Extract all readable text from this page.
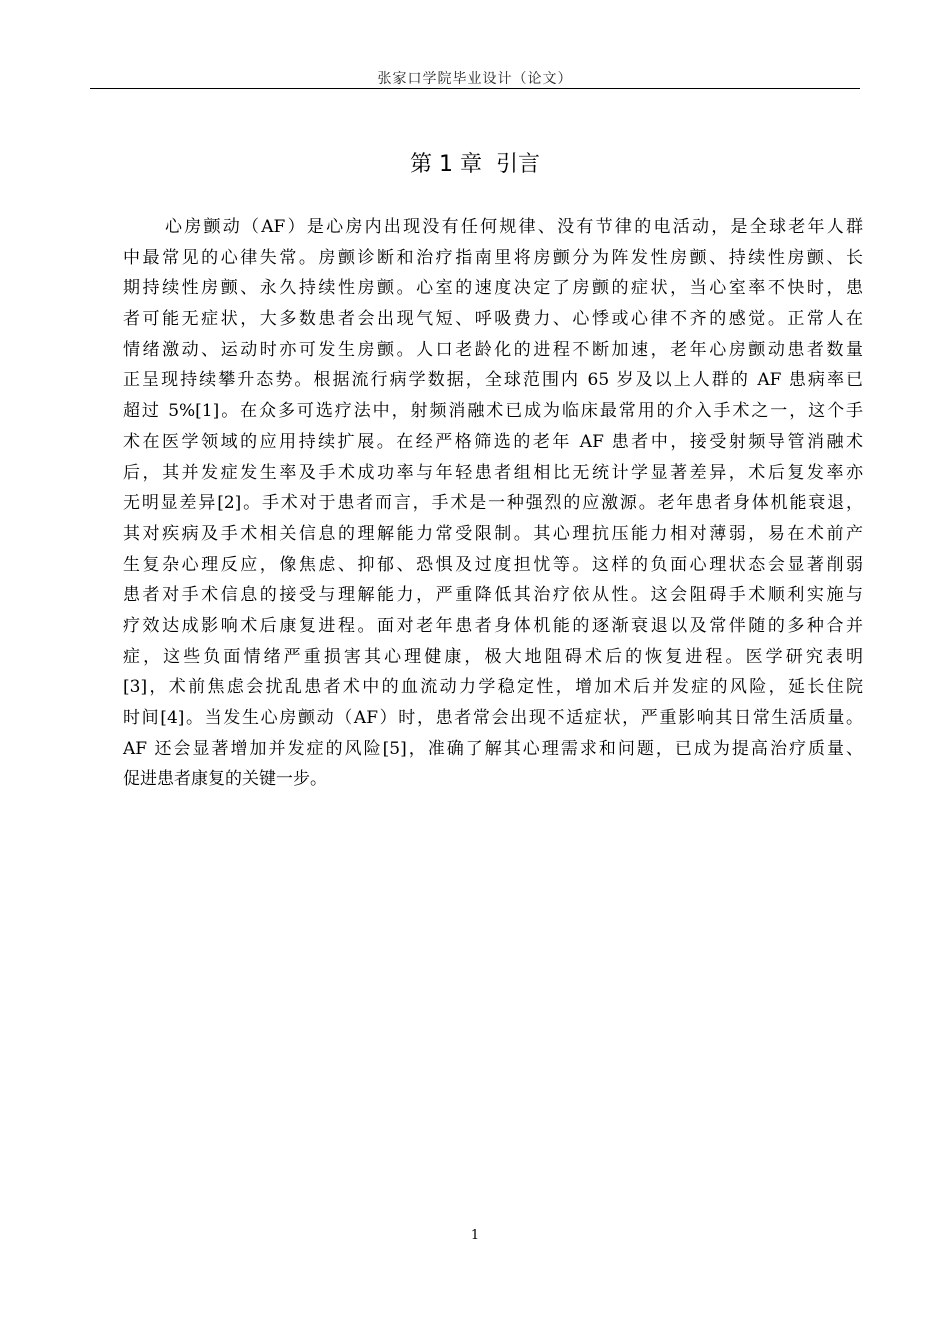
张家口学院毕业设计（论文）
第 1 章 引言
心房颤动（AF）是心房内出现没有任何规律、没有节律的电活动，是全球老年人群
中最常见的心律失常。房颤诊断和治疗指南里将房颤分为阵发性房颤、持续性房颤、长
期持续性房颤、永久持续性房颤。心室的速度决定了房颤的症状，当心室率不快时，患
者可能无症状，大多数患者会出现气短、呼吸费力、心悸或心律不齐的感觉。正常人在
情绪激动、运动时亦可发生房颤。人口老龄化的进程不断加速，老年心房颤动患者数量
正呈现持续攀升态势。根据流行病学数据，全球范围内 65 岁及以上人群的 AF 患病率已
超过 5%[1]。在众多可选疗法中，射频消融术已成为临床最常用的介入手术之一，这个手
术在医学领域的应用持续扩展。在经严格筛选的老年 AF 患者中，接受射频导管消融术
后，其并发症发生率及手术成功率与年轻患者组相比无统计学显著差异，术后复发率亦
无明显差异[2]。手术对于患者而言，手术是一种强烈的应激源。老年患者身体机能衰退，
其对疾病及手术相关信息的理解能力常受限制。其心理抗压能力相对薄弱，易在术前产
生复杂心理反应，像焦虑、抑郁、恐惧及过度担忧等。这样的负面心理状态会显著削弱
患者对手术信息的接受与理解能力，严重降低其治疗依从性。这会阻碍手术顺利实施与
疗效达成影响术后康复进程。面对老年患者身体机能的逐渐衰退以及常伴随的多种合并
症，这些负面情绪严重损害其心理健康，极大地阻碍术后的恢复进程。医学研究表明
[3]，术前焦虑会扰乱患者术中的血流动力学稳定性，增加术后并发症的风险，延长住院
时间[4]。当发生心房颤动（AF）时，患者常会出现不适症状，严重影响其日常生活质量。
AF 还会显著增加并发症的风险[5]，准确了解其心理需求和问题，已成为提高治疗质量、
促进患者康复的关键一步。
1
